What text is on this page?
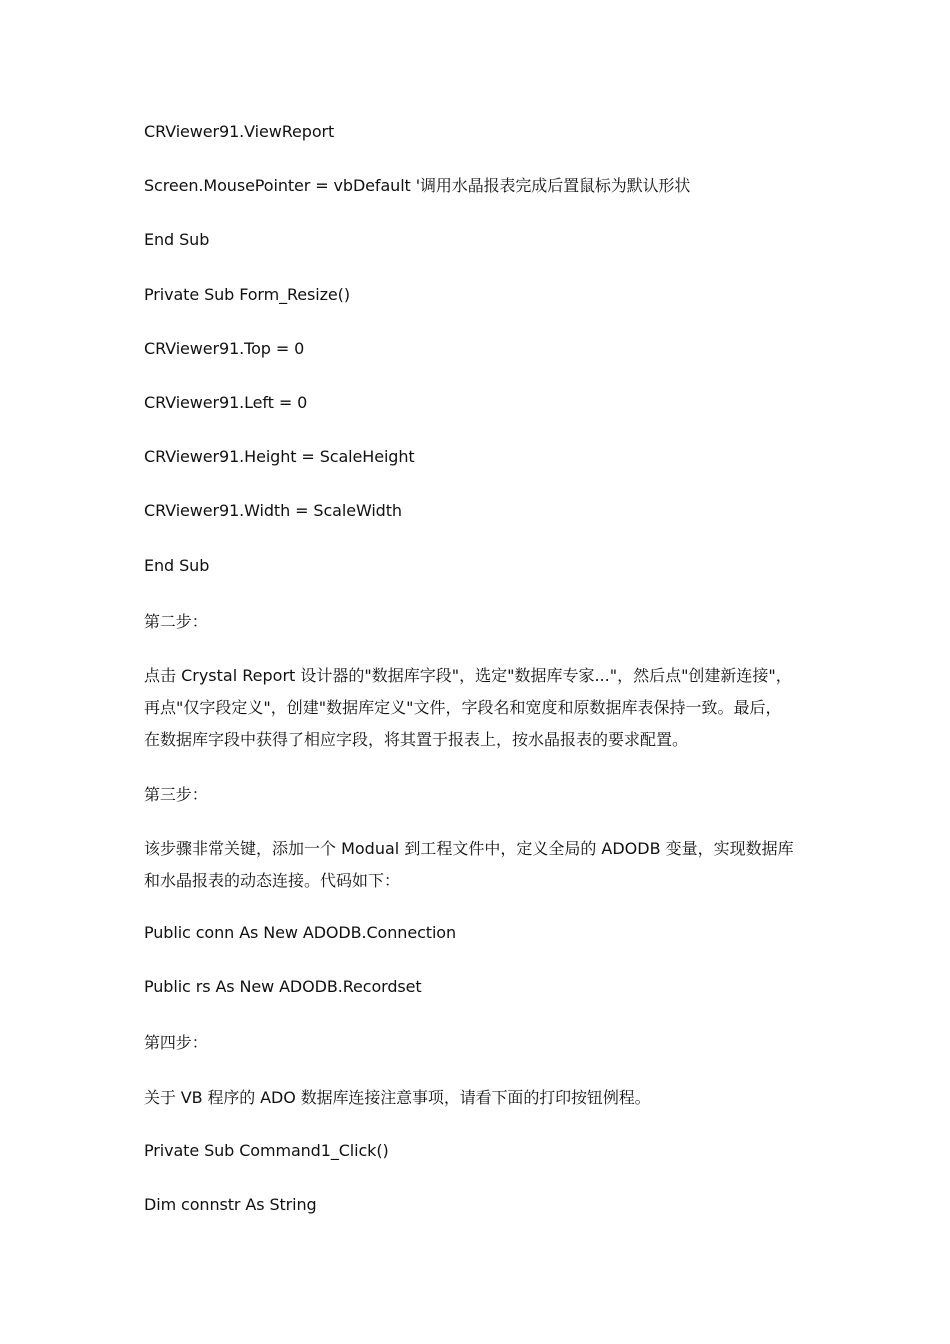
CRViewer91.ViewReport
Screen.MousePointer = vbDefault '调用水晶报表完成后置鼠标为默认形状
End Sub
Private Sub Form_Resize()
CRViewer91.Top = 0
CRViewer91.Left = 0
CRViewer91.Height = ScaleHeight
CRViewer91.Width = ScaleWidth
End Sub
第二步：
点击 Crystal Report 设计器的"数据库字段"，选定"数据库专家..."，然后点"创建新连接"，
再点"仅字段定义"，创建"数据库定义"文件，字段名和宽度和原数据库表保持一致。最后，
在数据库字段中获得了相应字段，将其置于报表上，按水晶报表的要求配置。
第三步：
该步骤非常关键，添加一个 Modual 到工程文件中，定义全局的 ADODB 变量，实现数据库
和水晶报表的动态连接。代码如下：
Public conn As New ADODB.Connection
Public rs As New ADODB.Recordset
第四步：
关于 VB 程序的 ADO 数据库连接注意事项，请看下面的打印按钮例程。
Private Sub Command1_Click()
Dim connstr As String
